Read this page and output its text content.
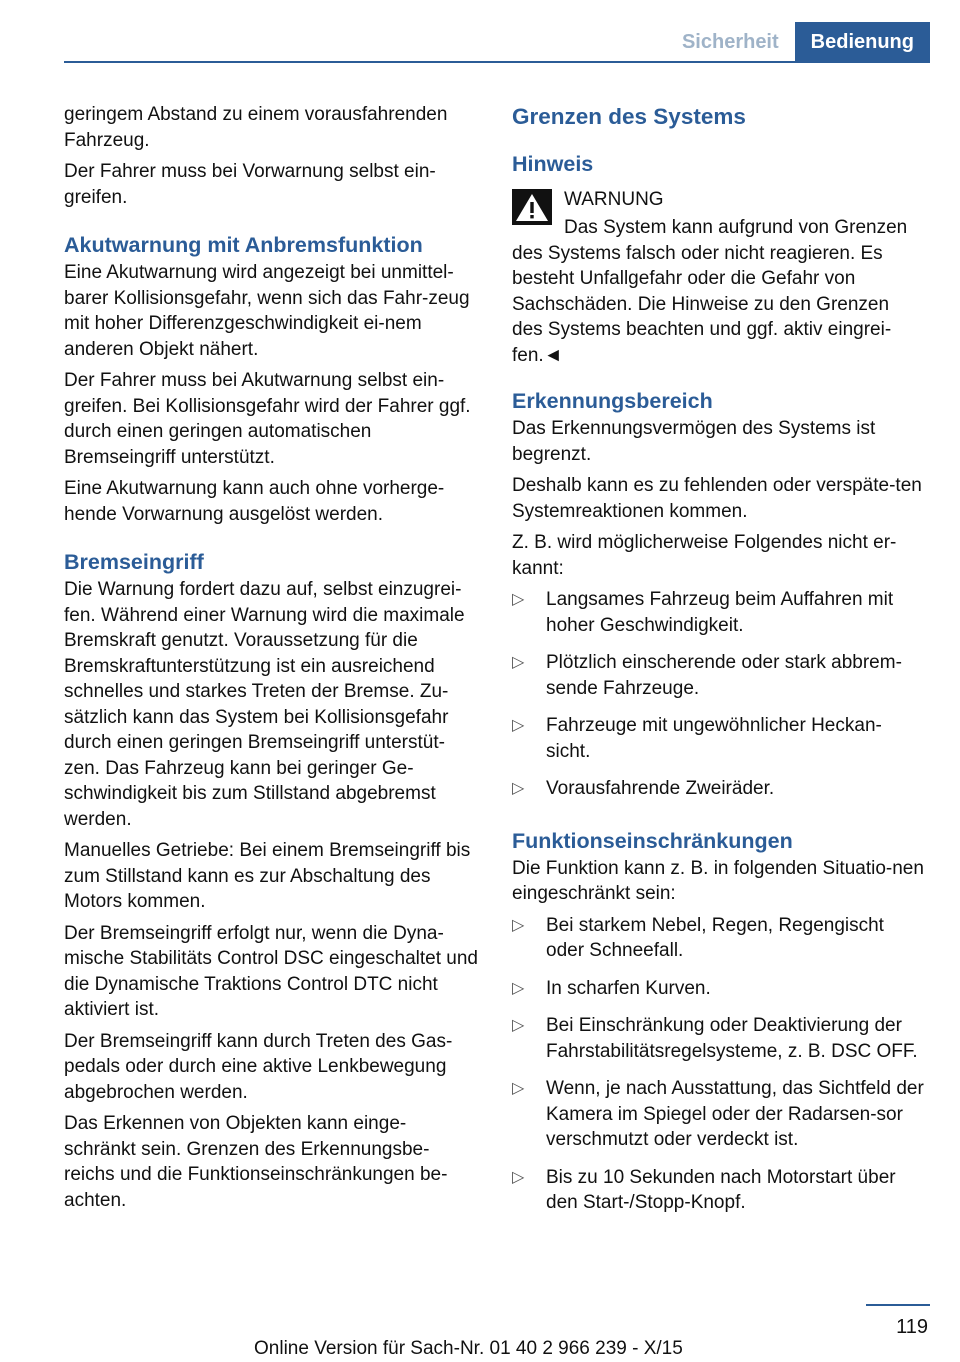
Sicherheit	Bedienung

geringem Abstand zu einem vorausfahrenden Fahrzeug.

Der Fahrer muss bei Vorwarnung selbst ein-greifen.

Akutwarnung mit Anbremsfunktion

Eine Akutwarnung wird angezeigt bei unmittel-barer Kollisionsgefahr, wenn sich das Fahr-zeug mit hoher Differenzgeschwindigkeit ei-nem anderen Objekt nähert.

Der Fahrer muss bei Akutwarnung selbst ein-greifen. Bei Kollisionsgefahr wird der Fahrer ggf. durch einen geringen automatischen Bremseingriff unterstützt.

Eine Akutwarnung kann auch ohne vorherge-hende Vorwarnung ausgelöst werden.

Bremseingriff

Die Warnung fordert dazu auf, selbst einzugrei-fen. Während einer Warnung wird die maximale Bremskraft genutzt. Voraussetzung für die Bremskraftunterstützung ist ein ausreichend schnelles und starkes Treten der Bremse. Zu-sätzlich kann das System bei Kollisionsgefahr durch einen geringen Bremseingriff unterstüt-zen. Das Fahrzeug kann bei geringer Ge-schwindigkeit bis zum Stillstand abgebremst werden.

Manuelles Getriebe: Bei einem Bremseingriff bis zum Stillstand kann es zur Abschaltung des Motors kommen.

Der Bremseingriff erfolgt nur, wenn die Dyna-mische Stabilitäts Control DSC eingeschaltet und die Dynamische Traktions Control DTC nicht aktiviert ist.

Der Bremseingriff kann durch Treten des Gas-pedals oder durch eine aktive Lenkbewegung abgebrochen werden.

Das Erkennen von Objekten kann einge-schränkt sein. Grenzen des Erkennungsbe-reichs und die Funktionseinschränkungen be-achten.

Grenzen des Systems
Hinweis
WARNUNG

Das System kann aufgrund von Grenzen des Systems falsch oder nicht reagieren. Es besteht Unfallgefahr oder die Gefahr von Sachschäden. Die Hinweise zu den Grenzen des Systems beachten und ggf. aktiv eingrei-fen.◄

Erkennungsbereich

Das Erkennungsvermögen des Systems ist begrenzt.

Deshalb kann es zu fehlenden oder verspäte-ten Systemreaktionen kommen.

Z. B. wird möglicherweise Folgendes nicht er-kannt:

▷ Langsames Fahrzeug beim Auffahren mit hoher Geschwindigkeit.
▷ Plötzlich einscherende oder stark abbrem-sende Fahrzeuge.
▷ Fahrzeuge mit ungewöhnlicher Heckan-sicht.
▷ Vorausfahrende Zweiräder.
Funktionseinschränkungen

Die Funktion kann z. B. in folgenden Situatio-nen eingeschränkt sein:

▷ Bei starkem Nebel, Regen, Regengischt oder Schneefall.
▷ In scharfen Kurven.
▷ Bei Einschränkung oder Deaktivierung der Fahrstabilitätsregelsysteme, z. B. DSC OFF.
▷ Wenn, je nach Ausstattung, das Sichtfeld der Kamera im Spiegel oder der Radarsen-sor verschmutzt oder verdeckt ist.
▷ Bis zu 10 Sekunden nach Motorstart über den Start-/Stopp-Knopf.
119
Online Version für Sach-Nr. 01 40 2 966 239 - X/15
